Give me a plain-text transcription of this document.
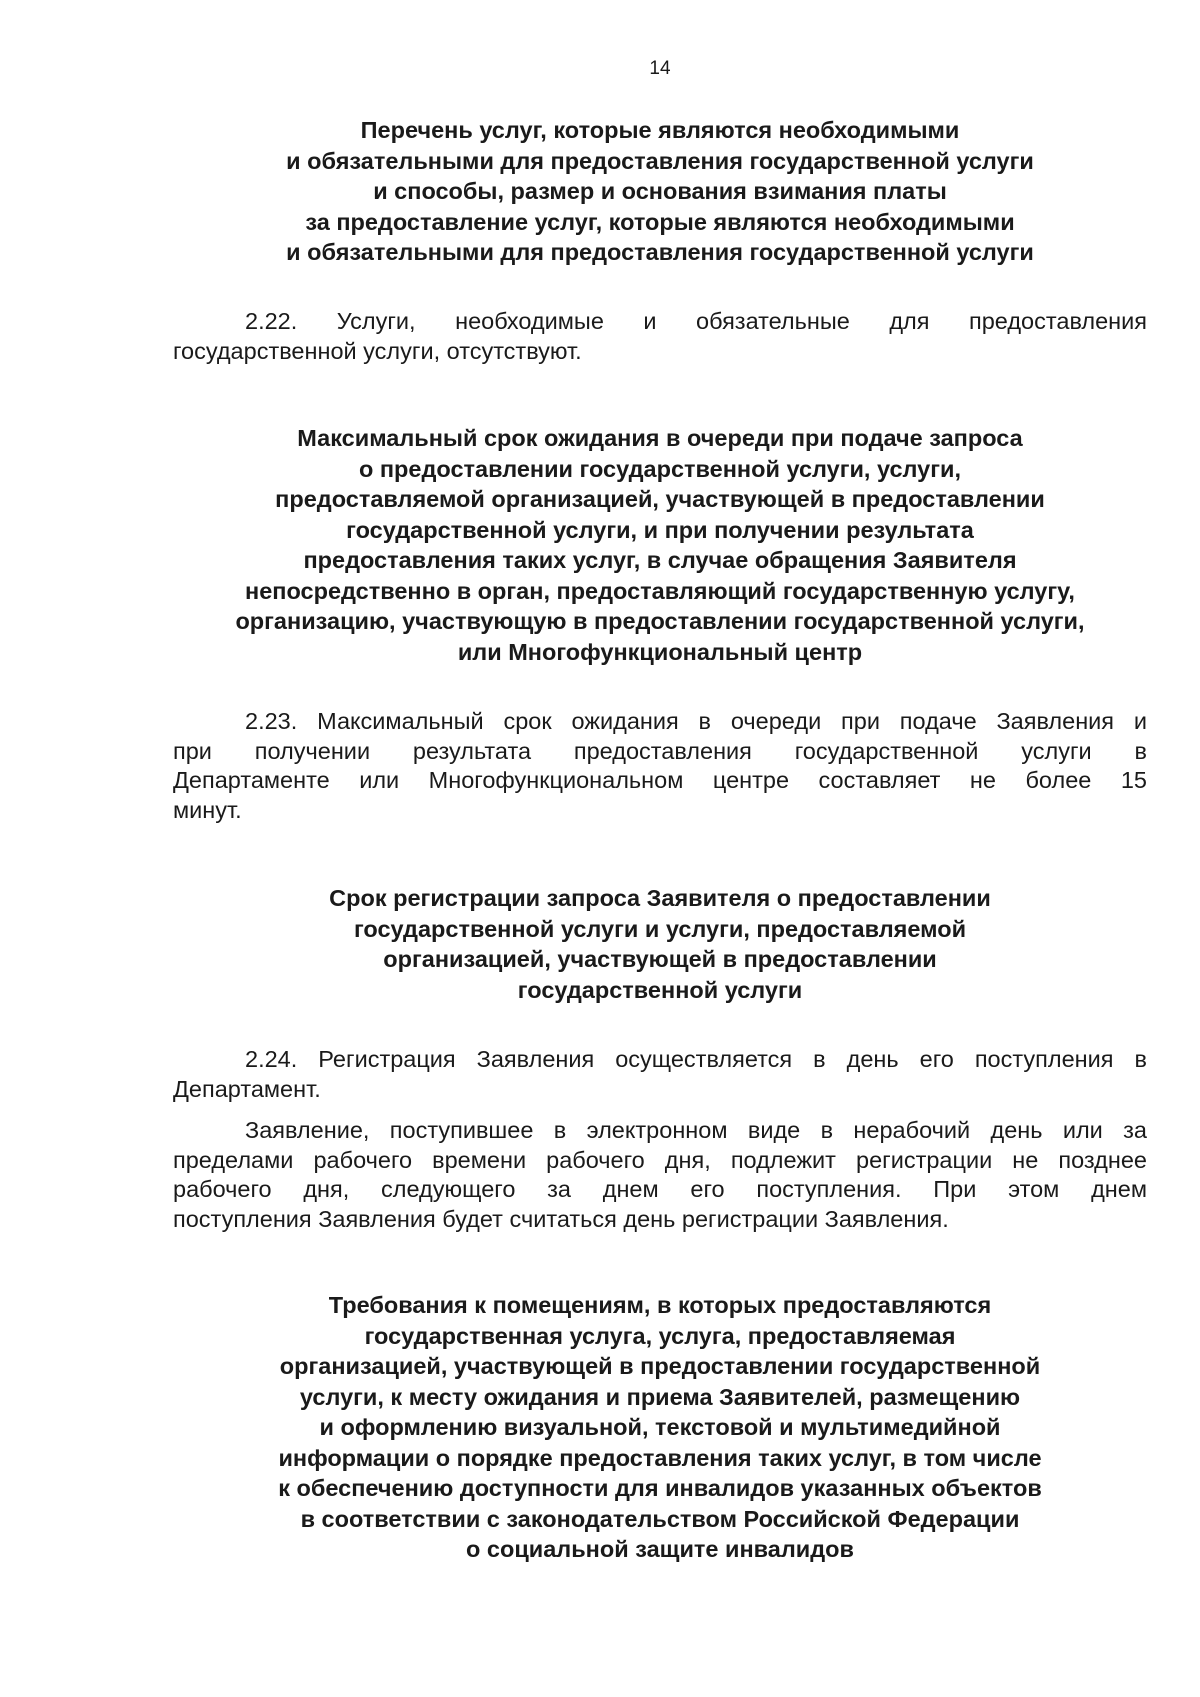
14
Перечень услуг, которые являются необходимыми
и обязательными для предоставления государственной услуги
и способы, размер и основания взимания платы
за предоставление услуг, которые являются необходимыми
и обязательными для предоставления государственной услуги
2.22. Услуги, необходимые и обязательные для предоставления
государственной услуги, отсутствуют.
Максимальный срок ожидания в очереди при подаче запроса
о предоставлении государственной услуги, услуги,
предоставляемой организацией, участвующей в предоставлении
государственной услуги, и при получении результата
предоставления таких услуг, в случае обращения Заявителя
непосредственно в орган, предоставляющий государственную услугу,
организацию, участвующую в предоставлении государственной услуги,
или Многофункциональный центр
2.23. Максимальный срок ожидания в очереди при подаче Заявления и
при получении результата предоставления государственной услуги в
Департаменте или Многофункциональном центре составляет не более 15
минут.
Срок регистрации запроса Заявителя о предоставлении
государственной услуги и услуги, предоставляемой
организацией, участвующей в предоставлении
государственной услуги
2.24. Регистрация Заявления осуществляется в день его поступления в
Департамент.
Заявление, поступившее в электронном виде в нерабочий день или за
пределами рабочего времени рабочего дня, подлежит регистрации не позднее
рабочего дня, следующего за днем его поступления. При этом днем
поступления Заявления будет считаться день регистрации Заявления.
Требования к помещениям, в которых предоставляются
государственная услуга, услуга, предоставляемая
организацией, участвующей в предоставлении государственной
услуги, к месту ожидания и приема Заявителей, размещению
и оформлению визуальной, текстовой и мультимедийной
информации о порядке предоставления таких услуг, в том числе
к обеспечению доступности для инвалидов указанных объектов
в соответствии с законодательством Российской Федерации
о социальной защите инвалидов
